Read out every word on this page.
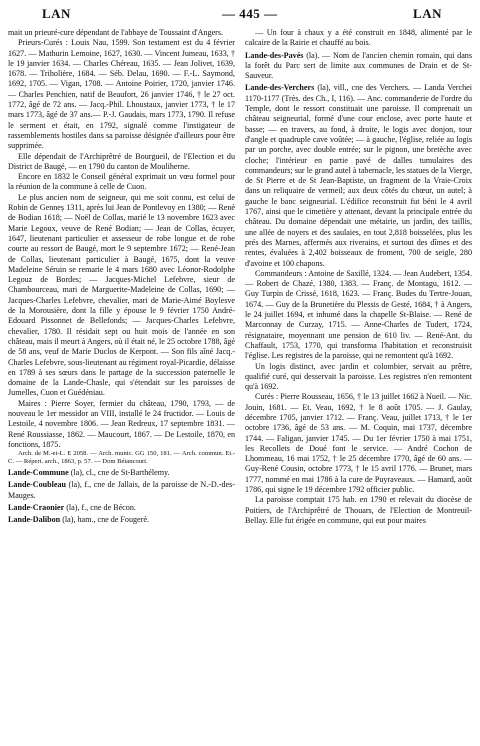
LAN	— 445 —	LAN

mait un prieuré-cure dépendant de l'abbaye de Toussaint d'Angers.

Prieurs-Curés : Louis Nau, 1599. Son testament est du 4 février 1627. — Mathurin Lemoine, 1627, 1630. — Vincent Jumeau, 1633, † le 19 janvier 1634. — Charles Chéreau, 1635. — Jean Jolivet, 1639, 1678. — Triholière, 1684. — Séb. Delau, 1690. — F.-L. Saymond, 1692, 1705. — Vigan, 1708. — Antoine Poirier, 1720, janvier 1746. — Charles Penchien, natif de Beaufort, 26 janvier 1746, † le 27 oct. 1772, âgé de 72 ans. — Jacq.-Phil. Lhoustaux, janvier 1773, † le 17 mars 1773, âgé de 37 ans.— P.-J. Gaudais, mars 1773, 1790. Il refuse le serment et était, en 1792, signalé comme l'instigateur de rassemblements hostiles dans sa paroisse désignée d'ailleurs pour être supprimée.

Elle dépendait de l'Archiprêtré de Bourgueil, de l'Election et du District de Baugé, — en 1790 du canton de Mouliherne.

Encore en 1832 le Conseil général exprimait un vœu formel pour la réunion de la commune à celle de Cuon.

Le plus ancien nom de seigneur, qui me soit connu, est celui de Robin de Genneș 1311, après lui Jean de Pontlevoy en 1380; — René de Bodian 1618; — Noël de Collas, marié le 13 novembre 1623 avec Marie Legoux, veuve de René Bodian; — Jean de Collas, écuyer, 1647, lieutenant particulier et assesseur de robe longue et de robe courte au ressort de Baugé, mort le 9 septembre 1672; — René-Jean de Collas, lieutenant particulier à Baugé, 1675, dont la veuve Madeleine Séruin se remarie le 4 mars 1680 avec Léonor-Rodolphe Legouz de Bordes; — Jacques-Michel Lefebvre, sieur de Chambourceau, mari de Marguerite-Madeleine de Collas, 1690; — Jacques-Charles Lefebvre, chevalier, mari de Marie-Aimé Boylesve de la Morousière, dont la fille y épouse le 9 février 1750 André-Edouard Pissonnet de Bellefonds; — Jacques-Charles Lefebvre, chevalier, 1780. Il résidait sept ou huit mois de l'année en son château, mais il meurt à Angers, où il était né, le 25 octobre 1788, âgé de 58 ans, veuf de Marie Duclos de Kerpont. — Son fils aîné Jacq.-Charles Lefebvre, sous-lieutenant au régiment royal-Picardie, délaisse en 1789 à ses sœurs dans le partage de la succession paternelle le domaine de la Lande-Chasle, qui s'étendait sur les paroisses de Jumelles, Cuon et Guédéniau.

Maires : Pierre Soyer, fermier du château, 1790, 1793, — de nouveau le 1er messidor an VIII, installé le 24 fructidor. — Louis de Lestoile, 4 novembre 1806. — Jean Redreux, 17 septembre 1831. — René Roussiasse, 1862. — Maucourt, 1867. — De Lestoile, 1870, en fonctions, 1875.

Arch. de M.-et-L. E 2058. — Arch. munic. GG 150, 181. — Arch. commun. Et.-C. — Répert. arch., 1863, p. 57. — Dom Bétancourt.

Lande-Commune (la), cl., cne de St-Barthélemy.

Lande-Coubleau (la), f., cne de Jallais, de la paroisse de N.-D.-des-Mauges.

Lande-Craonier (la), f., cne de Bécon.

Lande-Dalibon (la), ham., cne de Fougeré.

— Un four à chaux y a été construit en 1848, alimenté par le calcaire de la Rairie et chauffé au bois.

Lande-des-Pavés (la). — Nom de l'ancien chemin romain, qui dans la forêt du Parc sert de limite aux communes de Drain et de St-Sauveur.

Lande-des-Verchers (la), vill., cne des Verchers. — Landa Verchei 1170-1177 (Très. des Ch., I, 116). — Anc. commanderie de l'ordre du Temple, dont le ressort constituait une paroisse. Il comprenait un château seigneurial, formé d'une cour enclose, avec porte haute et basse; — en travers, au fond, à droite, le logis avec donjon, tour d'angle et quadruple cave voûtée; — à gauche, l'église, reliée au logis par un porche, avec double entrée; sur le pignon, une bretèche avec cloche; l'intérieur en partie pavé de dalles tumulaires des commandeurs; sur le grand autel à tabernacle, les statues de la Vierge, de St Pierre et de St Jean-Baptiste, un fragment de la Vraie-Croix dans un reliquaire de vermeil; aux deux côtés du chœur, un autel; à gauche le banc seigneurial. L'édifice reconstruit fut béni le 4 avril 1767, ainsi que le cimetière y attenant, devant la principale entrée du château. Du domaine dépendait une métairie, un jardin, des taillis, une allée de noyers et des saulaies, en tout 2,818 boisselées, plus les prés des Marnes, affermés aux riverains, et surtout des dîmes et des rentes, évaluées à 2,402 boisseaux de froment, 700 de seigle, 280 d'avoine et 100 chapons.

Commandeurs : Antoine de Saxillé, 1324. — Jean Audebert, 1354. — Robert de Chazé, 1380, 1383. — Franç. de Montagu, 1612. — Guy Turpin de Crissé, 1618, 1623. — Franç. Budes du Tertre-Jouan, 1674. — Guy de la Brunetière du Plessis de Gesté, 1684, † à Angers, le 24 juillet 1694, et inhumé dans la chapelle St-Blaise. — René de Marconnay de Curzay, 1715. — Anne-Charles de Tudert, 1724, résignataire, moyennant une pension de 610 liv. — René-Ant. du Chaffault, 1753, 1770, qui transforma l'habitation et reconstruisit l'église. Les registres de la paroisse, qui ne remontent qu'à 1692.

Un logis distinct, avec jardin et colombier, servait au prêtre, qualifié curé, qui desservait la paroisse. Les registres n'en remontent qu'à 1692.

Curés : Pierre Rousseau, 1656, † le 13 juillet 1662 à Nueil. — Nic. Jouin, 1681. — Et. Veau, 1692, † le 8 août 1705. — J. Gaulay, décembre 1705, janvier 1712. — Franç. Veau, juillet 1713, † le 1er octobre 1736, âgé de 53 ans. — M. Coquin, mai 1737, décembre 1744. — Faligan, janvier 1745. — Du 1er février 1750 à mai 1751, les Recollets de Doué font le service. — André Cochon de Lhommeau, 16 mai 1752, † le 25 décembre 1770, âgé de 60 ans. — Guy-René Cousin, octobre 1773, † le 15 avril 1776. — Brunet, mars 1777, nommé en mai 1786 à la cure de Puyraveaux. — Hamard, août 1786, qui signe le 19 décembre 1792 officier public.

La paroisse comptait 175 hab. en 1790 et relevait du diocèse de Poitiers, de l'Archiprêtré de Thouars, de l'Election de Montreuil-Bellay. Elle fut érigée en commune, qui eut pour maires
